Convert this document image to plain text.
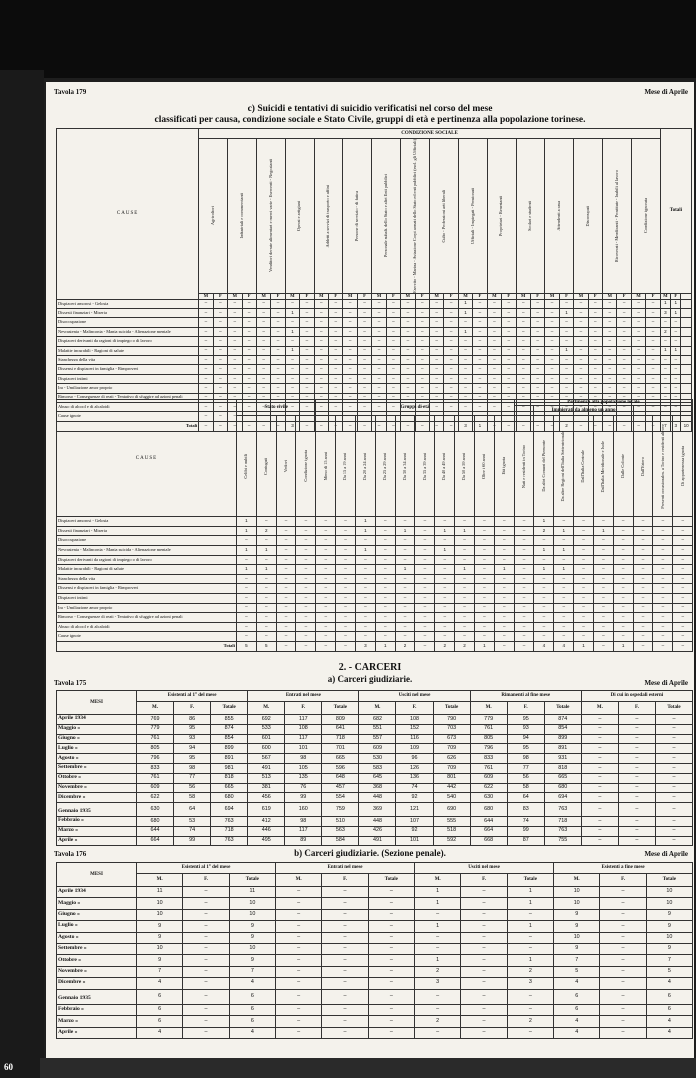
60
Tavola 179	Mese di Aprile
c) Suicidi e tentativi di suicidio verificatisi nel corso del mese
classificati per causa, condizione sociale e Stato Civile, gruppi di età e pertinenza alla popolazione torinese.
CAUSE	CONDIZIONE SOCIALE	Totali

Agricoltori	Industriali e commercianti	Venditori derrate alimentari e merci varie - Esercenti - Negozianti	Operai e artigiani	Addetti a servizi di trasporto e affini	Persone di servizio - di fatica	Personale subalt. dello Stato e altri Enti pubblici	Esercito - Marina - Aviazione Corpi armati dello Stato ed enti pubblici (escl. gli Ufficiali)	Culto - Professioni arti liberali	Ufficiali - Impiegati - Pensionati	Proprietari - Benestanti	Scolari e studenti	Attendenti a casa	Disoccupati	Ricoverati - Mendicanti - Prostitute - Inabili al lavoro	Condizione ignorata

M	F	M	F	M	F	M	F	M	F	M	F	M	F	M	F	M	F	M	F	M	F	M	F	M	F	M	F	M	F	M	F	M	F	
Dispiaceri amorosi - Gelosia	–	–	–	–	–	–	–	–	–	–	–	–	–	–	–	–	–	–	1	–	–	–	–	–	–	–	–	–	–	–	–	–	1	1	
Dissesti finanziari - Miseria	–	–	–	–	–	–	1	–	–	–	–	–	–	–	–	–	–	–	1	–	–	–	–	–	–	1	–	–	–	–	–	–	3	1	
Disoccupazione	–	–	–	–	–	–	–	–	–	–	–	–	–	–	–	–	–	–	–	–	–	–	–	–	–	–	–	–	–	–	–	–	–	–	
Nevrastenia - Malinconia - Mania suicida - Alienazione mentale	–	–	–	–	–	–	1	–	–	–	–	–	–	–	–	–	–	–	1	–	–	–	–	–	–	–	–	–	–	–	–	–	2	–	
Dispiaceri derivanti da ragioni di impiego o di lavoro	–	–	–	–	–	–	–	–	–	–	–	–	–	–	–	–	–	–	–	–	–	–	–	–	–	–	–	–	–	–	–	–	–	–	
Malattie incurabili - Ragioni di salute	–	–	–	–	–	–	1	–	–	–	–	–	–	–	–	–	–	–	–	–	–	–	–	–	–	1	–	–	–	–	–	–	1	1	
Stanchezza della vita	–	–	–	–	–	–	–	–	–	–	–	–	–	–	–	–	–	–	–	–	–	–	–	–	–	–	–	–	–	–	–	–	–	–	
Dissensi e dispiaceri in famiglia - Rimproveri	–	–	–	–	–	–	–	–	–	–	–	–	–	–	–	–	–	–	–	–	–	–	–	–	–	–	–	–	–	–	–	–	–	–	
Dispiaceri intimi	–	–	–	–	–	–	–	–	–	–	–	–	–	–	–	–	–	–	–	–	–	–	–	–	–	–	–	–	–	–	–	–	–	–	
Ira - Umiliazione amor proprio	–	–	–	–	–	–	–	–	–	–	–	–	–	–	–	–	–	–	–	–	–	–	–	–	–	–	–	–	–	–	–	–	–	–	
Rimorso - Conseguenze di reati - Tentativo di sfuggire ad azioni penali	–	–	–	–	–	–	–	–	–	–	–	–	–	–	–	–	–	–	–	–	–	–	–	–	–	–	–	–	–	–	–	–	–	–	
Abuso di alcool e di alcaloidi	–	–	–	–	–	–	–	–	–	–	–	–	–	–	–	–	–	–	–	–	–	–	–	–	–	–	–	–	–	–	–	–	–	–	
Cause ignote	–	–	–	–	–	–	–	–	–	–	–	–	–	–	–	–	–	–	–	–	–	–	–	–	–	–	–	–	–	–	–	–	–	–	
Totali	–	–	–	–	–	–	3	–	–	–	–	–	–	–	–	–	–	–	3	1	–	–	–	–	–	2	–	–	–	–	–	–	7	3	10
CAUSE	Stato civile	Gruppi di età	Pertinenza alla popolazione locale
	Immigrati da almeno un anno	

Celibi e nubili	Coniugati	Vedovi	Condizione ignota	Meno di 15 anni	Da 15 a 19 anni	Da 20 a 24 anni	Da 25 a 29 anni	Da 30 a 34 anni	Da 35 a 39 anni	Da 40 a 49 anni	Da 50 a 59 anni	Oltre i 60 anni	Età ignota	Nati e residenti in Torino	Da altri Comuni del Piemonte	Da altre Regioni dell'Italia Settentrionale	Dall'Italia Centrale	Dall'Italia Meridionale e Isole	Dalle Colonie	Dall'Estero	Presenti occasionalm. a Torino e residenti altrove	Di appartenenza ignota

Dispiaceri amorosi - Gelosia	1	–	–	–	–	–	1	–	–	–	–	–	–	–	–	1	–	–	–	–	–	–	–
Dissesti finanziari - Miseria	1	2	–	–	–	–	1	–	1	–	1	1	–	–	–	2	1	–	1	–	–	–	–
Disoccupazione	–	–	–	–	–	–	–	–	–	–	–	–	–	–	–	–	–	–	–	–	–	–	–
Nevrastenia - Malinconia - Mania suicida - Alienazione mentale	1	1	–	–	–	–	1	–	–	–	1	–	–	–	–	1	1	–	–	–	–	–	–
Dispiaceri derivanti da ragioni di impiego o di lavoro	–	–	–	–	–	–	–	–	–	–	–	–	–	–	–	–	–	–	–	–	–	–	–
Malattie incurabili - Ragioni di salute	1	1	–	–	–	–	–	–	1	–	–	1	–	1	–	1	1	–	–	–	–	–	–
Stanchezza della vita	–	–	–	–	–	–	–	–	–	–	–	–	–	–	–	–	–	–	–	–	–	–	–
Dissensi e dispiaceri in famiglia - Rimproveri	–	–	–	–	–	–	–	–	–	–	–	–	–	–	–	–	–	–	–	–	–	–	–
Dispiaceri intimi	–	–	–	–	–	–	–	–	–	–	–	–	–	–	–	–	–	–	–	–	–	–	–
Ira - Umiliazione amor proprio	–	–	–	–	–	–	–	–	–	–	–	–	–	–	–	–	–	–	–	–	–	–	–
Rimorso - Conseguenze di reati - Tentativo di sfuggire ad azioni penali	–	–	–	–	–	–	–	–	–	–	–	–	–	–	–	–	–	–	–	–	–	–	–
Abuso di alcool e di alcaloidi	–	–	–	–	–	–	–	–	–	–	–	–	–	–	–	–	–	–	–	–	–	–	–
Cause ignote	–	–	–	–	–	–	–	–	–	–	–	–	–	–	–	–	–	–	–	–	–	–	–
Totali	5	5	–	–	–	–	3	1	2	–	2	2	1	–	–	4	4	1	–	1	–	–	–
2. - CARCERI
a) Carceri giudiziarie.
Tavola 175	Mese di Aprile
MESI	Esistenti al 1° del mese	Entrati nel mese	Usciti nel mese	Rimanenti al fine mese	Di cui in ospedali esterni
M.	F.	Totale	M.	F.	Totale	M.	F.	Totale	M.	F.	Totale	M.	F.	Totale
Aprile 1934	769	86	855	692	117	809	682	108	790	779	95	874	–	–	–
Maggio »	779	95	874	533	108	641	551	152	703	761	93	854	–	–	–
Giugno »	761	93	854	601	117	718	557	116	673	805	94	899	–	–	–
Luglio »	805	94	899	600	101	701	609	109	709	796	95	891	–	–	–
Agosto »	796	95	891	567	98	665	530	96	626	833	98	931	–	–	–
Settembre »	833	98	981	491	105	596	583	126	709	761	77	818	–	–	–
Ottobre »	761	77	818	513	135	648	645	136	801	609	56	665	–	–	–
Novembre »	609	56	665	381	76	457	368	74	442	622	58	680	–	–	–
Dicembre »	622	58	680	456	99	554	448	92	540	630	64	694	–	–	–
Gennaio 1935	630	64	694	619	160	759	369	121	690	680	83	763	–	–	–
Febbraio »	680	53	763	412	98	510	448	107	555	644	74	718	–	–	–
Marzo »	644	74	718	446	117	563	426	92	518	664	99	763	–	–	–
Aprile »	664	99	763	495	89	584	491	101	592	668	87	755	–	–	–
Tavola 176	b) Carceri giudiziarie. (Sezione penale).	Mese di Aprile
MESI	Esistenti al 1° del mese	Entrati nel mese	Usciti nel mese	Esistenti a fine mese
M.	F.	Totale	M.	F.	Totale	M.	F.	Totale	M.	F.	Totale
Aprile 1934	11	–	11	–	–	–	1	–	1	10	–	10
Maggio »	10	–	10	–	–	–	1	–	1	10	–	10
Giugno »	10	–	10	–	–	–	–	–	–	9	–	9
Luglio »	9	–	9	–	–	–	1	–	1	9	–	9
Agosto »	9	–	9	–	–	–	–	–	–	10	–	10
Settembre »	10	–	10	–	–	–	–	–	–	9	–	9
Ottobre »	9	–	9	–	–	–	1	–	1	7	–	7
Novembre »	7	–	7	–	–	–	2	–	2	5	–	5
Dicembre »	4	–	4	–	–	–	3	–	3	4	–	4
Gennaio 1935	6	–	6	–	–	–	–	–	–	6	–	6
Febbraio »	6	–	6	–	–	–	–	–	–	6	–	6
Marzo »	6	–	6	–	–	–	2	–	2	4	–	4
Aprile »	4	–	4	–	–	–	–	–	–	4	–	4
